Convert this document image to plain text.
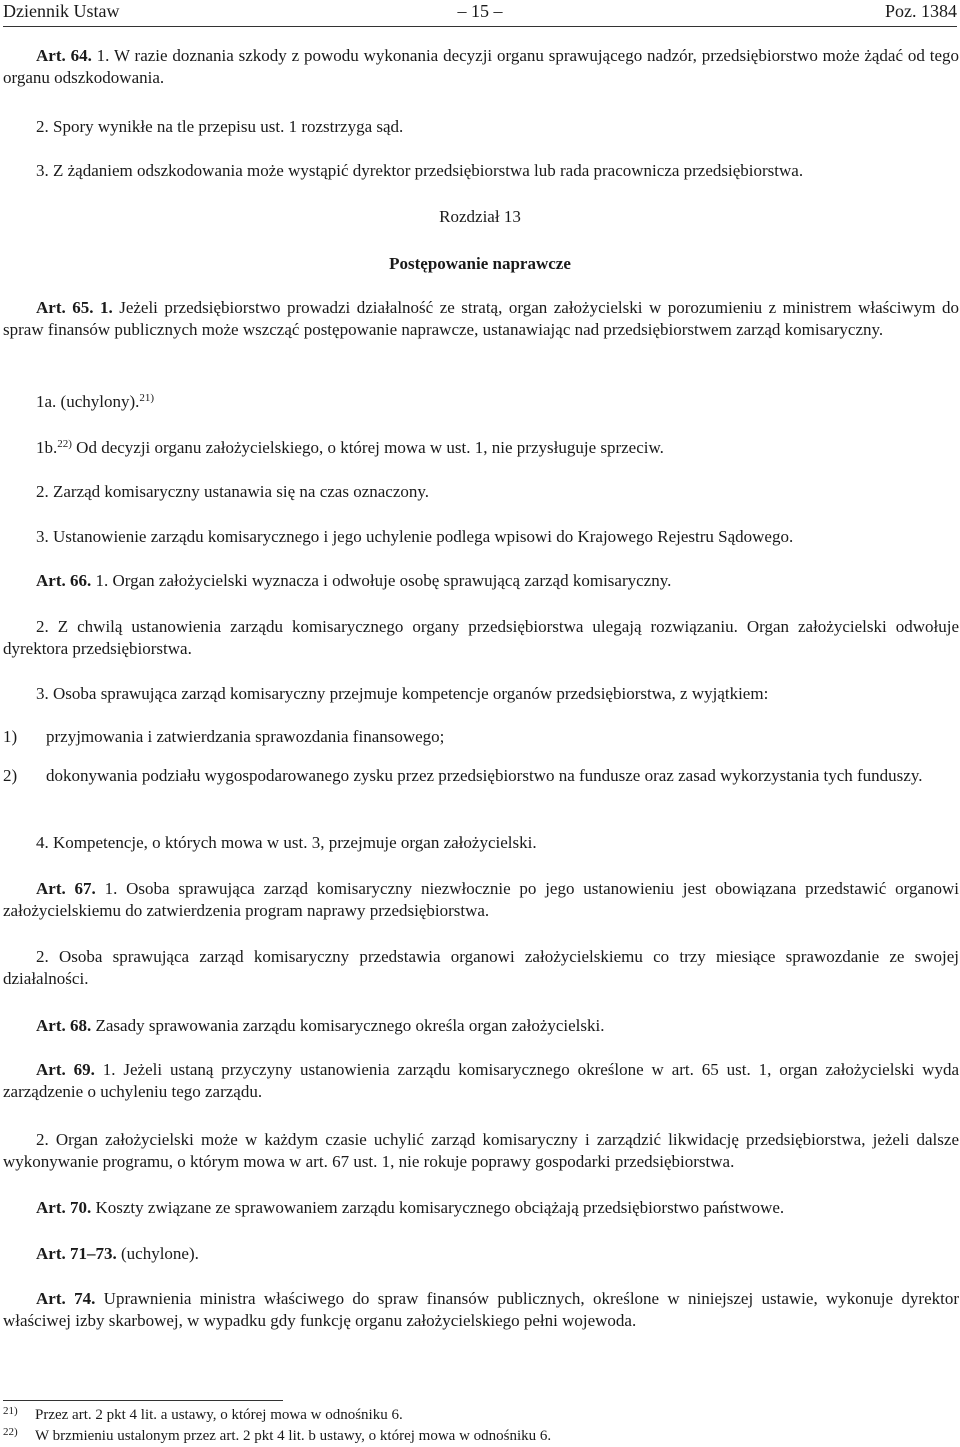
Dziennik Ustaw	– 15 –	Poz. 1384
Art. 64. 1. W razie doznania szkody z powodu wykonania decyzji organu sprawującego nadzór, przedsiębiorstwo może żądać od tego organu odszkodowania.
2. Spory wynikłe na tle przepisu ust. 1 rozstrzyga sąd.
3. Z żądaniem odszkodowania może wystąpić dyrektor przedsiębiorstwa lub rada pracownicza przedsiębiorstwa.
Rozdział 13
Postępowanie naprawcze
Art. 65. 1. Jeżeli przedsiębiorstwo prowadzi działalność ze stratą, organ założycielski w porozumieniu z ministrem właściwym do spraw finansów publicznych może wszcząć postępowanie naprawcze, ustanawiając nad przedsiębiorstwem zarząd komisaryczny.
1a. (uchylony).$^{21)}$
1b.$^{22)}$ Od decyzji organu założycielskiego, o której mowa w ust. 1, nie przysługuje sprzeciw.
2. Zarząd komisaryczny ustanawia się na czas oznaczony.
3. Ustanowienie zarządu komisarycznego i jego uchylenie podlega wpisowi do Krajowego Rejestru Sądowego.
Art. 66. 1. Organ założycielski wyznacza i odwołuje osobę sprawującą zarząd komisaryczny.
2. Z chwilą ustanowienia zarządu komisarycznego organy przedsiębiorstwa ulegają rozwiązaniu. Organ założycielski odwołuje dyrektora przedsiębiorstwa.
3. Osoba sprawująca zarząd komisaryczny przejmuje kompetencje organów przedsiębiorstwa, z wyjątkiem:
1) przyjmowania i zatwierdzania sprawozdania finansowego;
2) dokonywania podziału wygospodarowanego zysku przez przedsiębiorstwo na fundusze oraz zasad wykorzystania tych funduszy.
4. Kompetencje, o których mowa w ust. 3, przejmuje organ założycielski.
Art. 67. 1. Osoba sprawująca zarząd komisaryczny niezwłocznie po jego ustanowieniu jest obowiązana przedstawić organowi założycielskiemu do zatwierdzenia program naprawy przedsiębiorstwa.
2. Osoba sprawująca zarząd komisaryczny przedstawia organowi założycielskiemu co trzy miesiące sprawozdanie ze swojej działalności.
Art. 68. Zasady sprawowania zarządu komisarycznego określa organ założycielski.
Art. 69. 1. Jeżeli ustaną przyczyny ustanowienia zarządu komisarycznego określone w art. 65 ust. 1, organ założycielski wyda zarządzenie o uchyleniu tego zarządu.
2. Organ założycielski może w każdym czasie uchylić zarząd komisaryczny i zarządzić likwidację przedsiębiorstwa, jeżeli dalsze wykonywanie programu, o którym mowa w art. 67 ust. 1, nie rokuje poprawy gospodarki przedsiębiorstwa.
Art. 70. Koszty związane ze sprawowaniem zarządu komisarycznego obciążają przedsiębiorstwo państwowe.
Art. 71–73. (uchylone).
Art. 74. Uprawnienia ministra właściwego do spraw finansów publicznych, określone w niniejszej ustawie, wykonuje dyrektor właściwej izby skarbowej, w wypadku gdy funkcję organu założycielskiego pełni wojewoda.
21) Przez art. 2 pkt 4 lit. a ustawy, o której mowa w odnośniku 6.
22) W brzmieniu ustalonym przez art. 2 pkt 4 lit. b ustawy, o której mowa w odnośniku 6.
